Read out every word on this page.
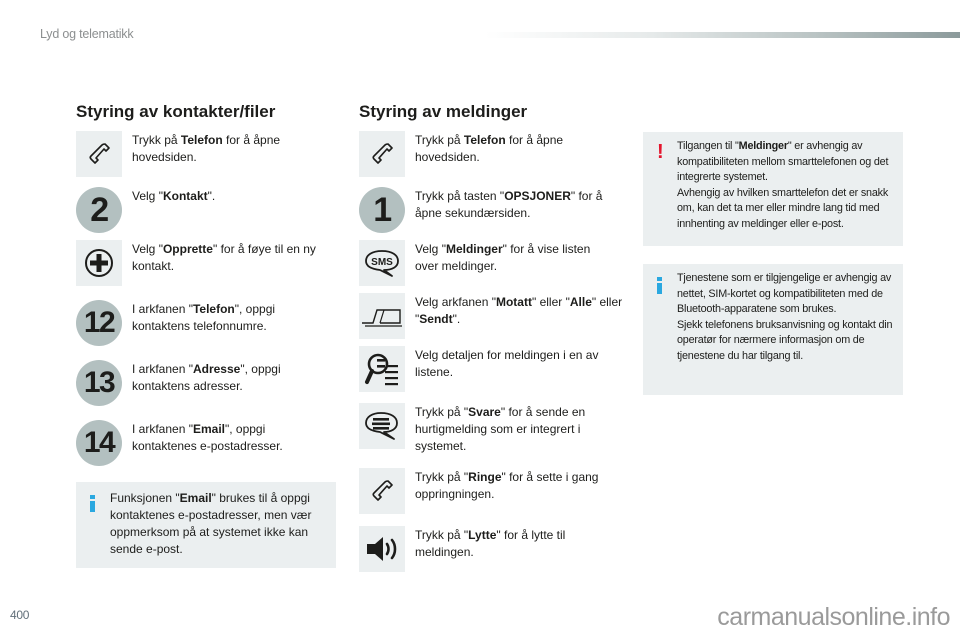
Lyd og telematikk
Styring av kontakter/filer
Trykk på Telefon for å åpne hovedsiden.
2	Velg "Kontakt".
Velg "Opprette" for å føye til en ny kontakt.
12	I arkfanen "Telefon", oppgi kontaktens telefonnumre.
13	I arkfanen "Adresse", oppgi kontaktens adresser.
14	I arkfanen "Email", oppgi kontaktenes e-postadresser.
Funksjonen "Email" brukes til å oppgi kontaktenes e-postadresser, men vær oppmerksom på at systemet ikke kan sende e-post.
Styring av meldinger
Trykk på Telefon for å åpne hovedsiden.
1	Trykk på tasten "OPSJONER" for å åpne sekundærsiden.
SMS
Velg "Meldinger" for å vise listen over meldinger.
Velg arkfanen "Motatt" eller "Alle" eller "Sendt".
Velg detaljen for meldingen i en av listene.
Trykk på "Svare" for å sende en hurtigmelding som er integrert i systemet.
Trykk på "Ringe" for å sette i gang oppringningen.
Trykk på "Lytte" for å lytte til meldingen.
! Tilgangen til "Meldinger" er avhengig av kompatibiliteten mellom smarttelefonen og det integrerte systemet.
Avhengig av hvilken smarttelefon det er snakk om, kan det ta mer eller mindre lang tid med innhenting av meldinger eller e-post.
Tjenestene som er tilgjengelige er avhengig av nettet, SIM-kortet og kompatibiliteten med de Bluetooth-apparatene som brukes.
Sjekk telefonens bruksanvisning og kontakt din operatør for nærmere informasjon om de tjenestene du har tilgang til.
400	carmanualsonline.info
